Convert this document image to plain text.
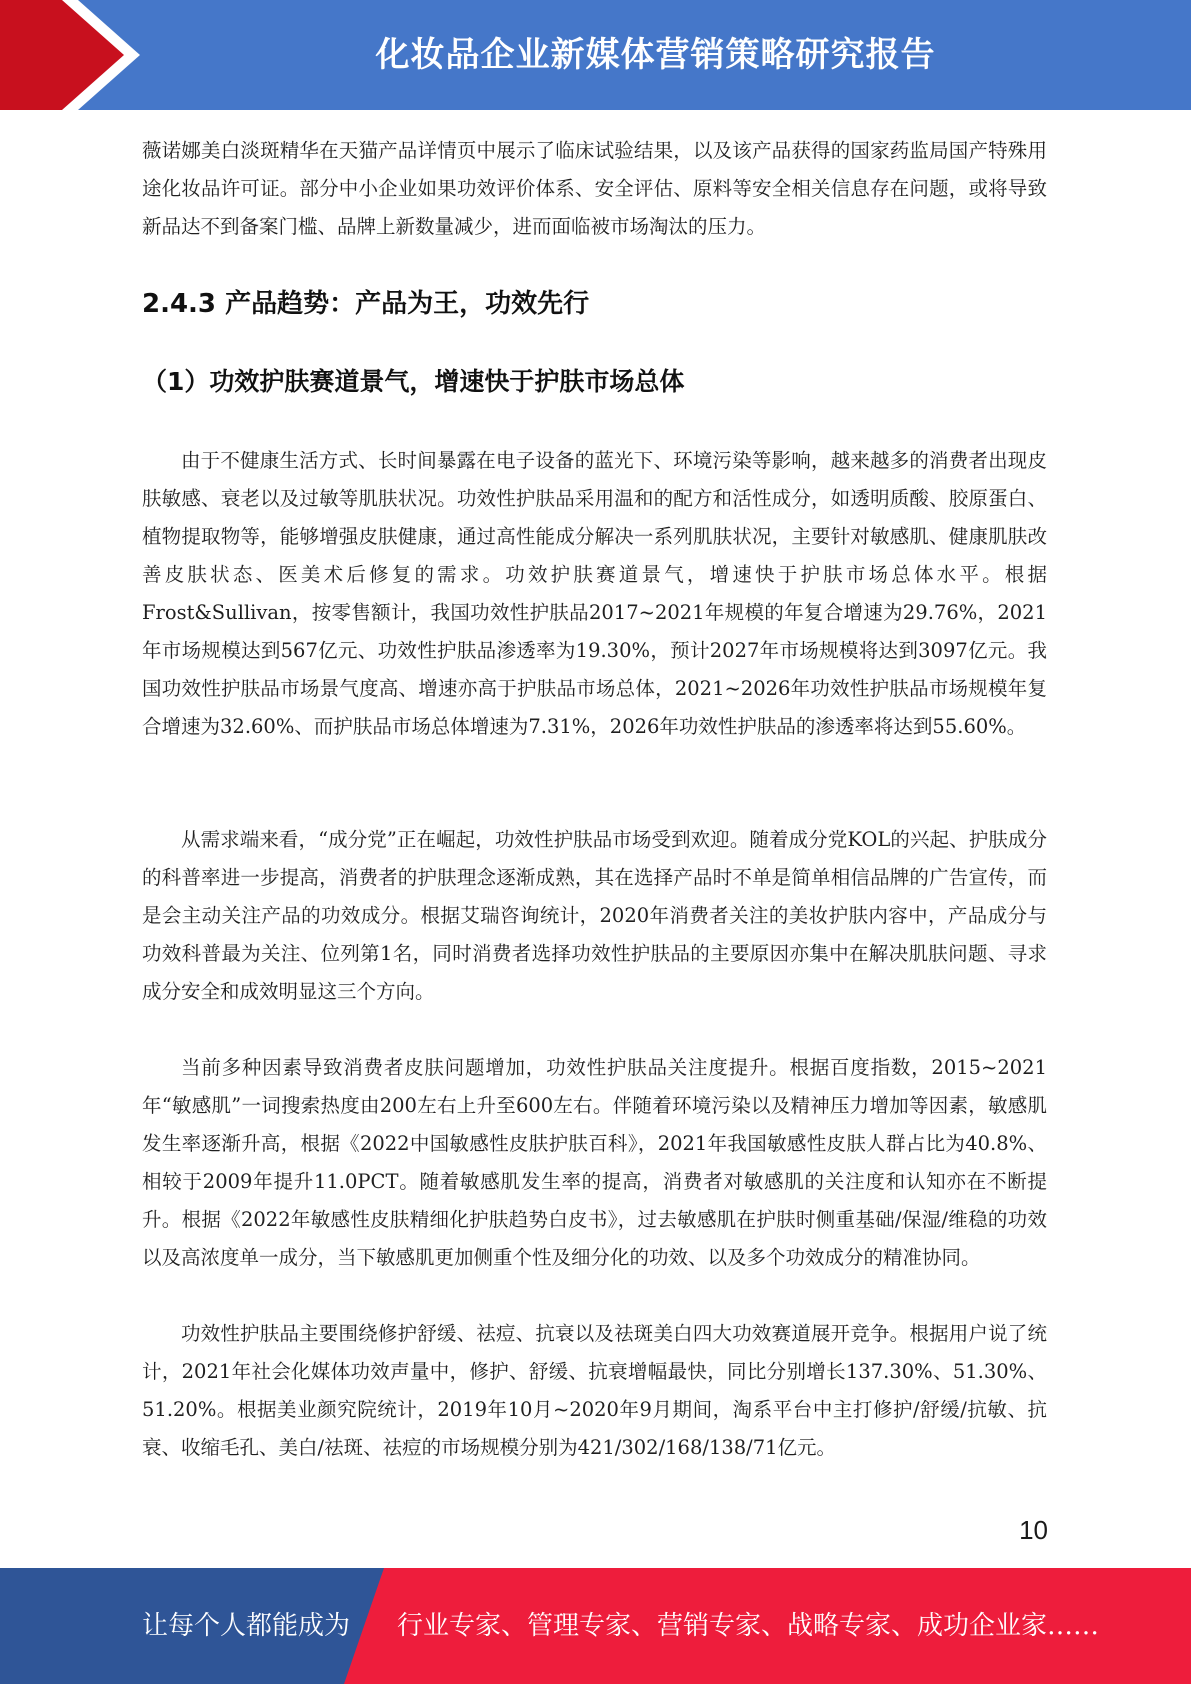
化妆品企业新媒体营销策略研究报告

薇诺娜美白淡斑精华在天猫产品详情页中展示了临床试验结果，以及该产品获得的国家药监局国产特殊用途化妆品许可证。部分中小企业如果功效评价体系、安全评估、原料等安全相关信息存在问题，或将导致新品达不到备案门槛、品牌上新数量减少，进而面临被市场淘汰的压力。

2.4.3 产品趋势：产品为王，功效先行
（1）功效护肤赛道景气，增速快于护肤市场总体

由于不健康生活方式、长时间暴露在电子设备的蓝光下、环境污染等影响，越来越多的消费者出现皮肤敏感、衰老以及过敏等肌肤状况。功效性护肤品采用温和的配方和活性成分，如透明质酸、胶原蛋白、植物提取物等，能够增强皮肤健康，通过高性能成分解决一系列肌肤状况，主要针对敏感肌、健康肌肤改善皮肤状态、医美术后修复的需求。功效护肤赛道景气，增速快于护肤市场总体水平。根据Frost&Sullivan，按零售额计，我国功效性护肤品2017~2021年规模的年复合增速为29.76%，2021年市场规模达到567亿元、功效性护肤品渗透率为19.30%，预计2027年市场规模将达到3097亿元。我国功效性护肤品市场景气度高、增速亦高于护肤品市场总体，2021~2026年功效性护肤品市场规模年复合增速为32.60%、而护肤品市场总体增速为7.31%，2026年功效性护肤品的渗透率将达到55.60%。

从需求端来看，“成分党”正在崛起，功效性护肤品市场受到欢迎。随着成分党KOL的兴起、护肤成分的科普率进一步提高，消费者的护肤理念逐渐成熟，其在选择产品时不单是简单相信品牌的广告宣传，而是会主动关注产品的功效成分。根据艾瑞咨询统计，2020年消费者关注的美妆护肤内容中，产品成分与功效科普最为关注、位列第1名，同时消费者选择功效性护肤品的主要原因亦集中在解决肌肤问题、寻求成分安全和成效明显这三个方向。

当前多种因素导致消费者皮肤问题增加，功效性护肤品关注度提升。根据百度指数，2015~2021年“敏感肌”一词搜索热度由200左右上升至600左右。伴随着环境污染以及精神压力增加等因素，敏感肌发生率逐渐升高，根据《2022中国敏感性皮肤护肤百科》，2021年我国敏感性皮肤人群占比为40.8%、相较于2009年提升11.0PCT。随着敏感肌发生率的提高，消费者对敏感肌的关注度和认知亦在不断提升。根据《2022年敏感性皮肤精细化护肤趋势白皮书》，过去敏感肌在护肤时侧重基础/保湿/维稳的功效以及高浓度单一成分，当下敏感肌更加侧重个性及细分化的功效、以及多个功效成分的精准协同。

功效性护肤品主要围绕修护舒缓、祛痘、抗衰以及祛斑美白四大功效赛道展开竞争。根据用户说了统计，2021年社会化媒体功效声量中，修护、舒缓、抗衰增幅最快，同比分别增长137.30%、51.30%、51.20%。根据美业颜究院统计，2019年10月~2020年9月期间，淘系平台中主打修护/舒缓/抗敏、抗衰、收缩毛孔、美白/祛斑、祛痘的市场规模分别为421/302/168/138/71亿元。

10
让每个人都能成为 行业专家、管理专家、营销专家、战略专家、成功企业家……
